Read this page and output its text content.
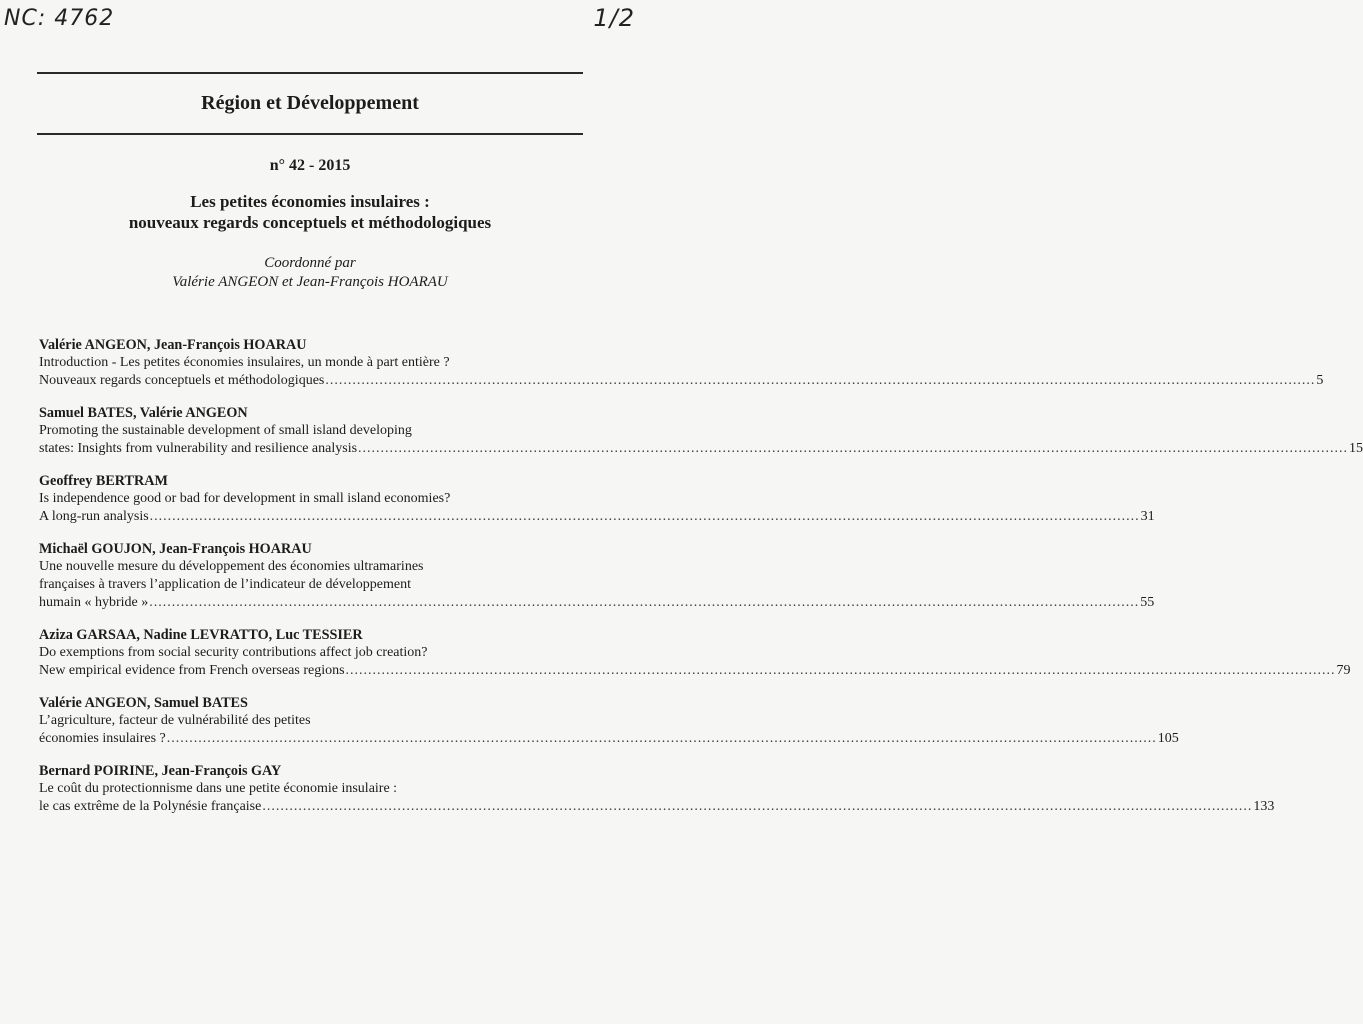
NC: 4762	1/2
Région et Développement
n° 42 - 2015
Les petites économies insulaires :
nouveaux regards conceptuels et méthodologiques
Coordonné par
Valérie ANGEON et Jean-François HOARAU
Valérie ANGEON, Jean-François HOARAU
Introduction - Les petites économies insulaires, un monde à part entière ?
Nouveaux regards conceptuels et méthodologiques ............................................................................................................................................................................................................................ 5
Samuel BATES, Valérie ANGEON
Promoting the sustainable development of small island developing
states: Insights from vulnerability and resilience analysis ............................................................................................................................................................................................................................ 15
Geoffrey BERTRAM
Is independence good or bad for development in small island economies?
A long-run analysis ............................................................................................................................................................................................................................ 31
Michaël GOUJON, Jean-François HOARAU
Une nouvelle mesure du développement des économies ultramarines
françaises à travers l’application de l’indicateur de développement
humain « hybride » ............................................................................................................................................................................................................................ 55
Aziza GARSAA, Nadine LEVRATTO, Luc TESSIER
Do exemptions from social security contributions affect job creation?
New empirical evidence from French overseas regions ............................................................................................................................................................................................................................ 79
Valérie ANGEON, Samuel BATES
L’agriculture, facteur de vulnérabilité des petites
économies insulaires ? ............................................................................................................................................................................................................................ 105
Bernard POIRINE, Jean-François GAY
Le coût du protectionnisme dans une petite économie insulaire :
le cas extrême de la Polynésie française ............................................................................................................................................................................................................................ 133
